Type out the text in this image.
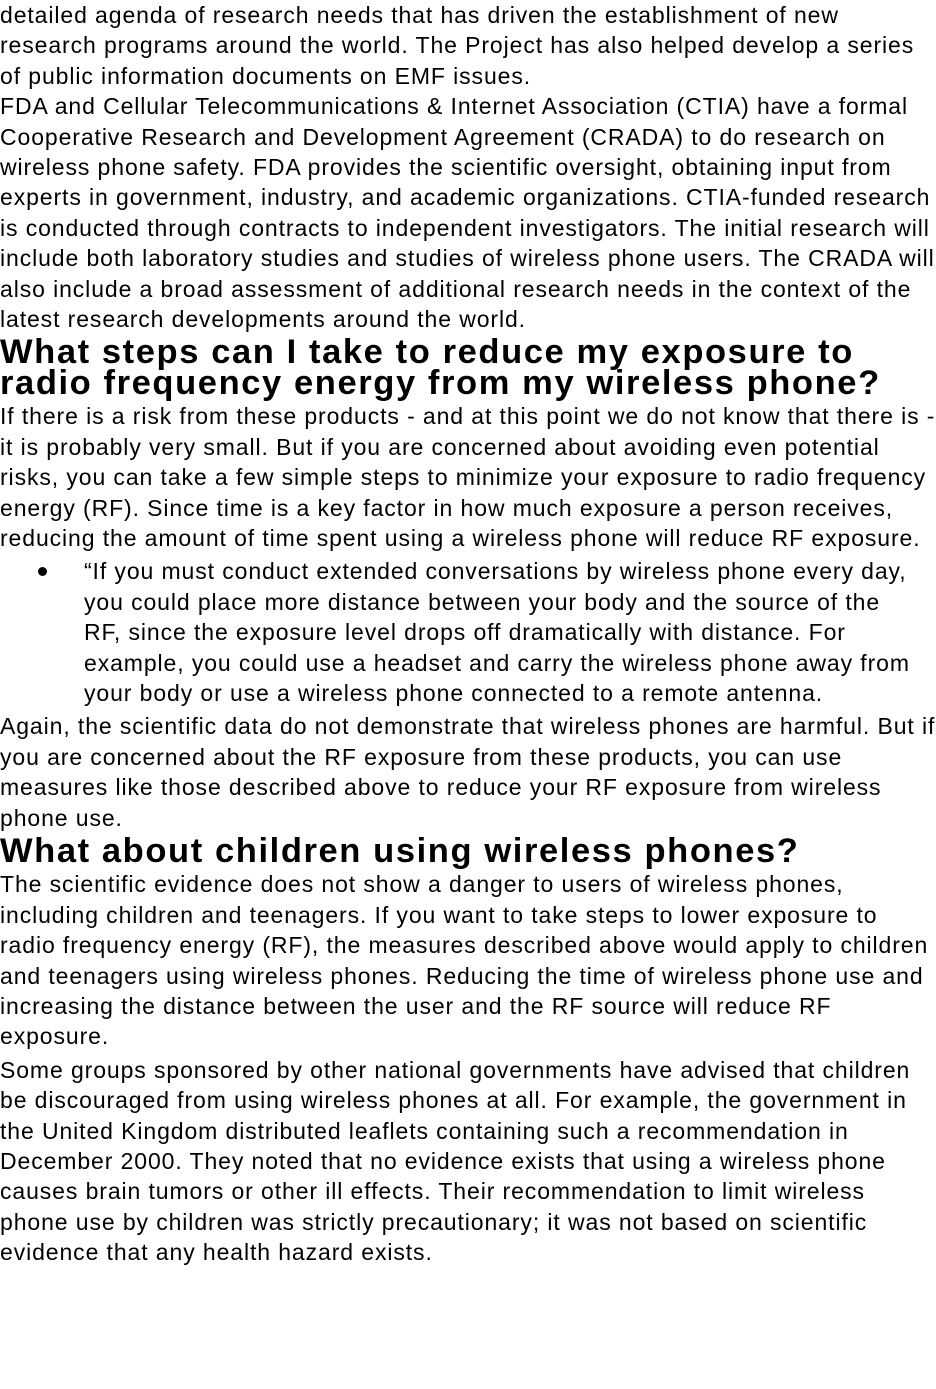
detailed agenda of research needs that has driven the establishment of new research programs around the world. The Project has also helped develop a series of public information documents on EMF issues.

FDA and Cellular Telecommunications & Internet Association (CTIA) have a formal Cooperative Research and Development Agreement (CRADA) to do research on wireless phone safety. FDA provides the scientific oversight, obtaining input from experts in government, industry, and academic organizations. CTIA-funded research is conducted through contracts to independent investigators. The initial research will include both laboratory studies and studies of wireless phone users. The CRADA will also include a broad assessment of additional research needs in the context of the latest research developments around the world.

What steps can I take to reduce my exposure to radio frequency energy from my wireless phone?

If there is a risk from these products - and at this point we do not know that there is - it is probably very small. But if you are concerned about avoiding even potential risks, you can take a few simple steps to minimize your exposure to radio frequency energy (RF). Since time is a key factor in how much exposure a person receives, reducing the amount of time spent using a wireless phone will reduce RF exposure.

“If you must conduct extended conversations by wireless phone every day, you could place more distance between your body and the source of the RF, since the exposure level drops off dramatically with distance. For example, you could use a headset and carry the wireless phone away from your body or use a wireless phone connected to a remote antenna.

Again, the scientific data do not demonstrate that wireless phones are harmful. But if you are concerned about the RF exposure from these products, you can use measures like those described above to reduce your RF exposure from wireless phone use.

What about children using wireless phones?

The scientific evidence does not show a danger to users of wireless phones, including children and teenagers. If you want to take steps to lower exposure to radio frequency energy (RF), the measures described above would apply to children and teenagers using wireless phones. Reducing the time of wireless phone use and increasing the distance between the user and the RF source will reduce RF exposure.

Some groups sponsored by other national governments have advised that children be discouraged from using wireless phones at all. For example, the government in the United Kingdom distributed leaflets containing such a recommendation in December 2000. They noted that no evidence exists that using a wireless phone causes brain tumors or other ill effects. Their recommendation to limit wireless phone use by children was strictly precautionary; it was not based on scientific evidence that any health hazard exists.
